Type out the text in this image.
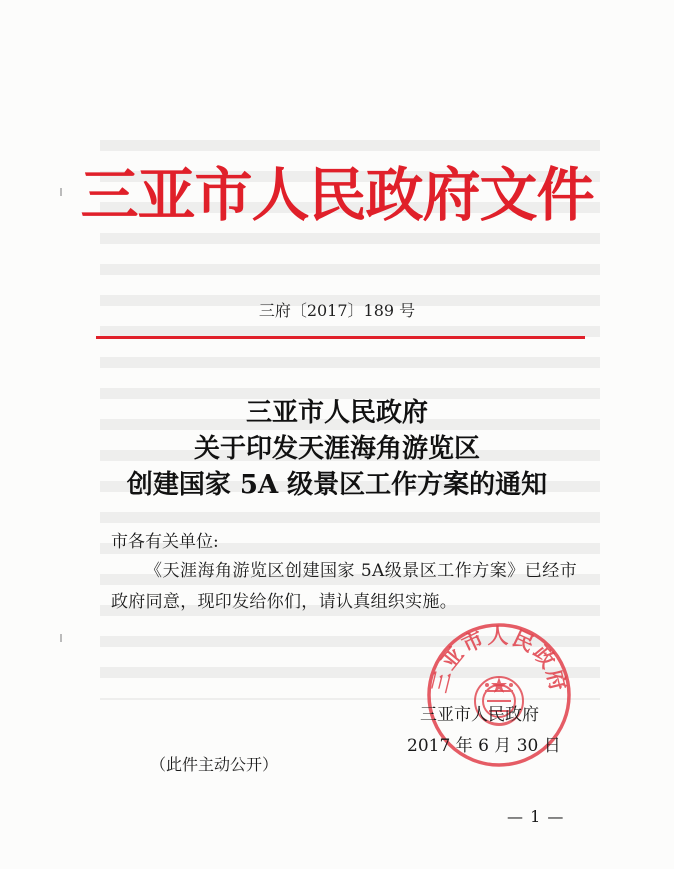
三亚市人民政府文件
三府〔2017〕189 号
三亚市人民政府
关于印发天涯海角游览区
创建国家 5A 级景区工作方案的通知
市各有关单位:
《天涯海角游览区创建国家 5A级景区工作方案》已经市政府同意，现印发给你们，请认真组织实施。
三亚市人民政府
三亚市人民政府
2017 年 6 月 30 日
（此件主动公开）
— 1 —
